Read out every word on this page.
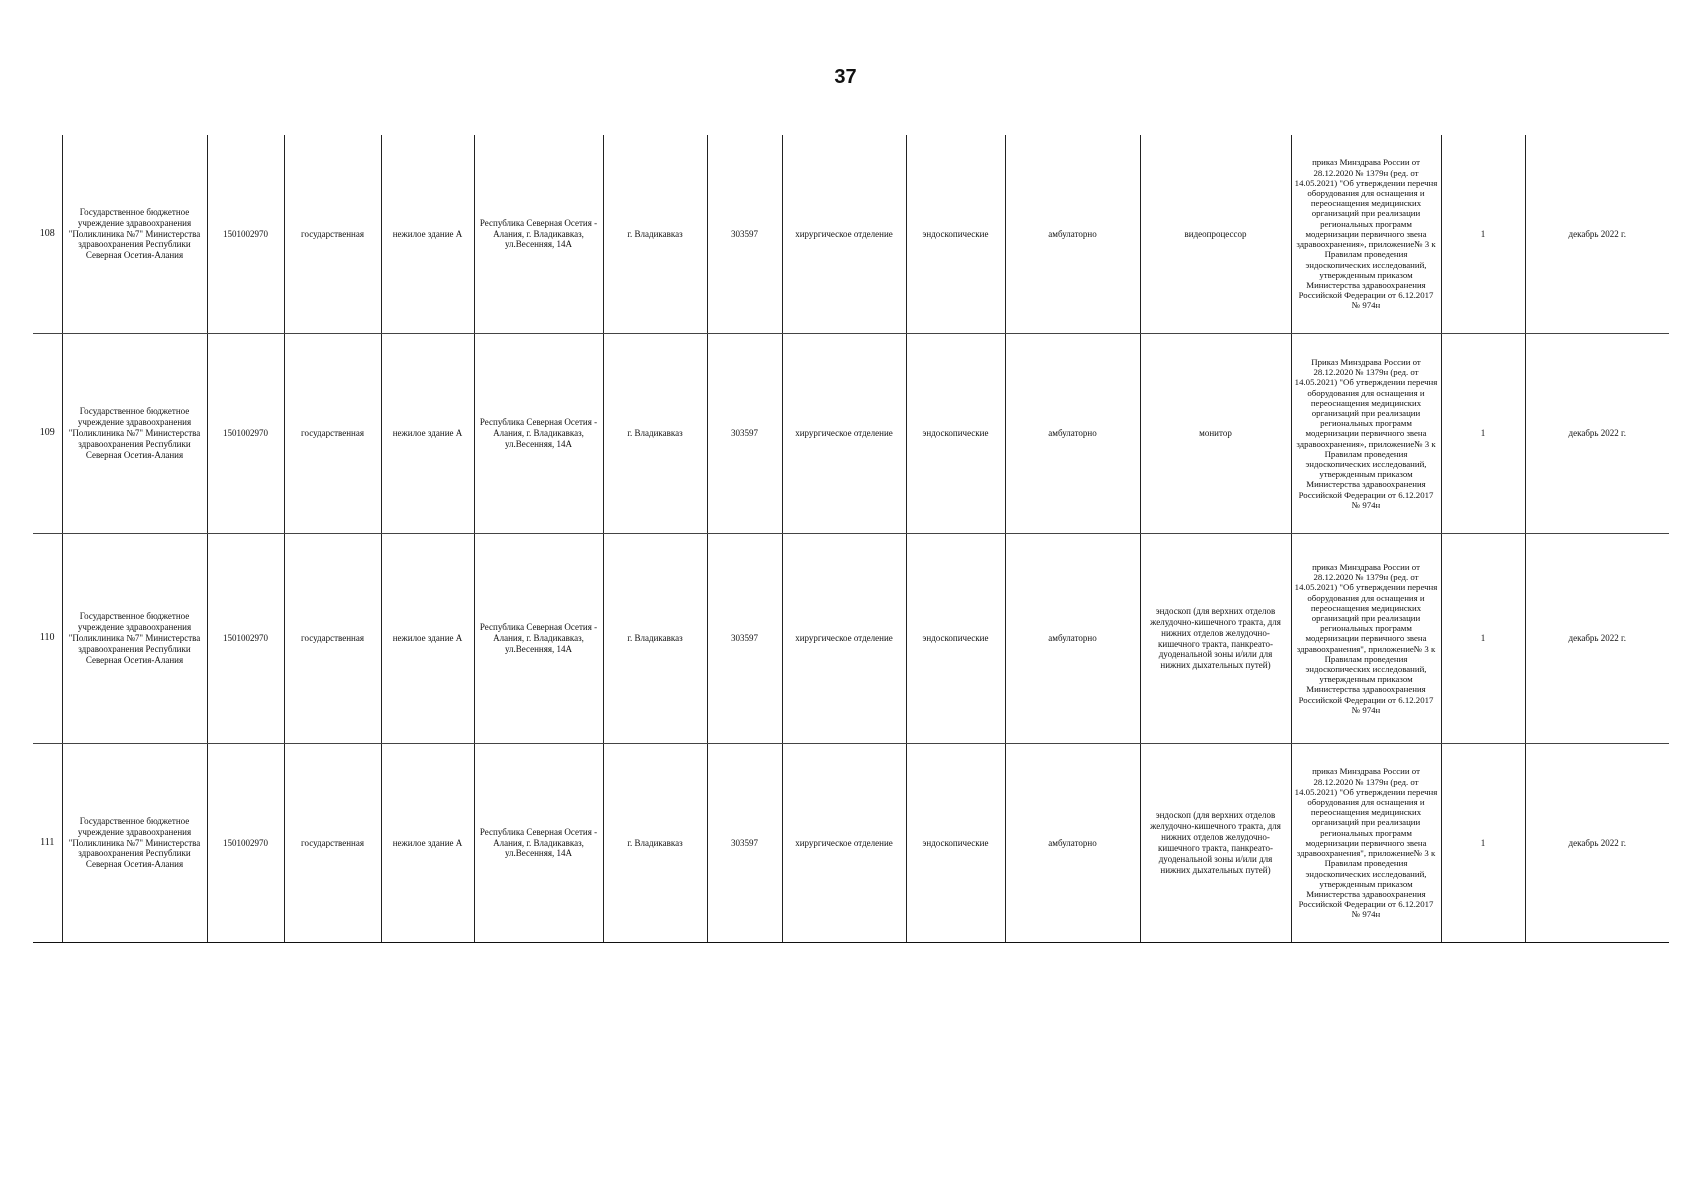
37
108	Государственное бюджетное учреждение здравоохранения "Поликлиника №7" Министерства здравоохранения Республики Северная Осетия-Алания	1501002970	государственная	нежилое здание А	Республика Северная Осетия - Алания, г. Владикавказ, ул.Весенняя, 14А	г. Владикавказ	303597	хирургическое отделение	эндоскопические	амбулаторно	видеопроцессор	приказ Минздрава России от 28.12.2020 № 1379н (ред. от 14.05.2021) "Об утверждении перечня оборудования для оснащения и переоснащения медицинских организаций при реализации региональных программ модернизации первичного звена здравоохранения», приложение№ 3 к Правилам проведения эндоскопических исследований, утвержденным приказом Министерства здравоохранения Российской Федерации от 6.12.2017 № 974н	1	декабрь 2022 г.
109	Государственное бюджетное учреждение здравоохранения "Поликлиника №7" Министерства здравоохранения Республики Северная Осетия-Алания	1501002970	государственная	нежилое здание А	Республика Северная Осетия - Алания, г. Владикавказ, ул.Весенняя, 14А	г. Владикавказ	303597	хирургическое отделение	эндоскопические	амбулаторно	монитор	Приказ Минздрава России от 28.12.2020 № 1379н (ред. от 14.05.2021) "Об утверждении перечня оборудования для оснащения и переоснащения медицинских организаций при реализации региональных программ модернизации первичного звена здравоохранения», приложение№ 3 к Правилам проведения эндоскопических исследований, утвержденным приказом Министерства здравоохранения Российской Федерации от 6.12.2017 № 974н	1	декабрь 2022 г.
110	Государственное бюджетное учреждение здравоохранения "Поликлиника №7" Министерства здравоохранения Республики Северная Осетия-Алания	1501002970	государственная	нежилое здание А	Республика Северная Осетия - Алания, г. Владикавказ, ул.Весенняя, 14А	г. Владикавказ	303597	хирургическое отделение	эндоскопические	амбулаторно	эндоскоп (для верхних отделов желудочно-кишечного тракта, для нижних отделов желудочно-кишечного тракта, панкреато-дуоденальной зоны и/или для нижних дыхательных путей)	приказ Минздрава России от 28.12.2020 № 1379н (ред. от 14.05.2021) "Об утверждении перечня оборудования для оснащения и переоснащения медицинских организаций при реализации региональных программ модернизации первичного звена здравоохранения", приложение№ 3 к Правилам проведения эндоскопических исследований, утвержденным приказом Министерства здравоохранения Российской Федерации от 6.12.2017 № 974н	1	декабрь 2022 г.
111	Государственное бюджетное учреждение здравоохранения "Поликлиника №7" Министерства здравоохранения Республики Северная Осетия-Алания	1501002970	государственная	нежилое здание А	Республика Северная Осетия - Алания, г. Владикавказ, ул.Весенняя, 14А	г. Владикавказ	303597	хирургическое отделение	эндоскопические	амбулаторно	эндоскоп (для верхних отделов желудочно-кишечного тракта, для нижних отделов желудочно-кишечного тракта, панкреато-дуоденальной зоны и/или для нижних дыхательных путей)	приказ Минздрава России от 28.12.2020 № 1379н (ред. от 14.05.2021) "Об утверждении перечня оборудования для оснащения и переоснащения медицинских организаций при реализации региональных программ модернизации первичного звена здравоохранения", приложение№ 3 к Правилам проведения эндоскопических исследований, утвержденным приказом Министерства здравоохранения Российской Федерации от 6.12.2017 № 974н	1	декабрь 2022 г.
